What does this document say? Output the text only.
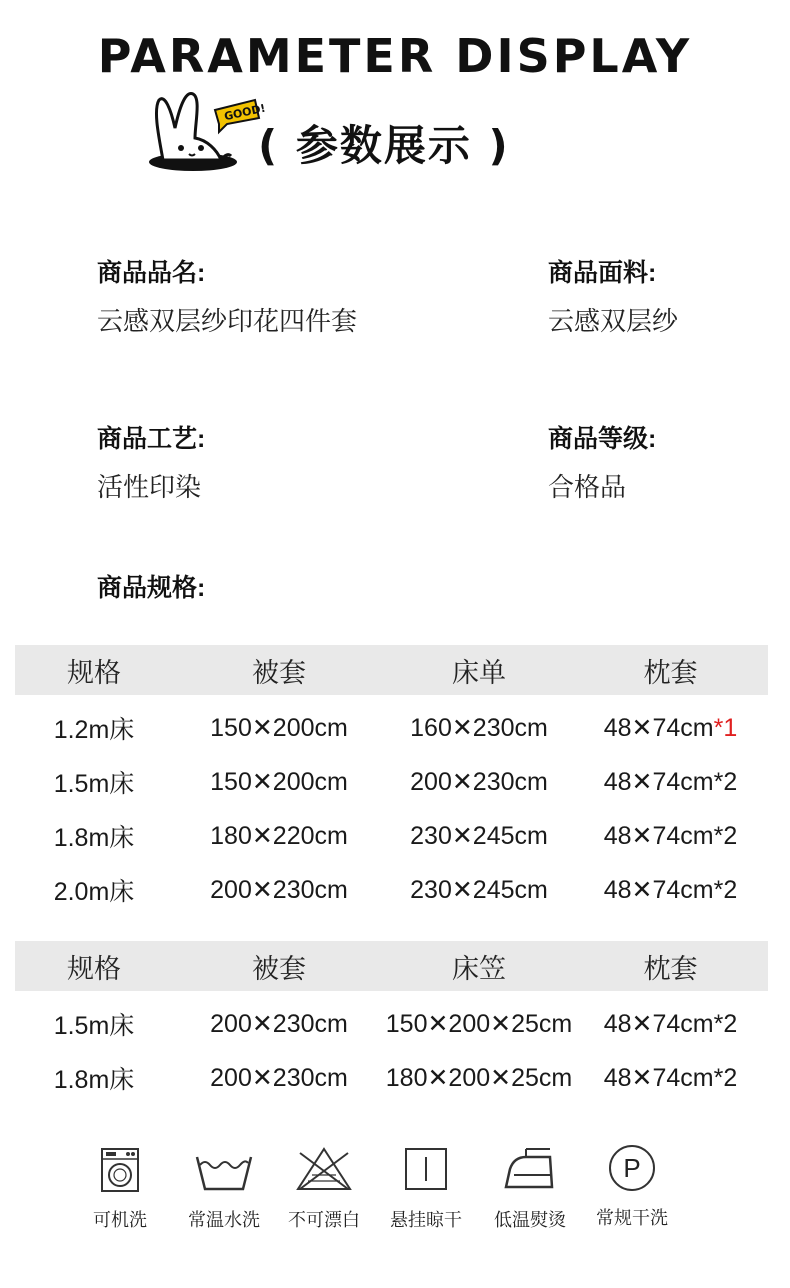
PARAMETER DISPLAY
GOOD!
( 参数展示 )
商品品名:
云感双层纱印花四件套
商品面料:
云感双层纱
商品工艺:
活性印染
商品等级:
合格品
商品规格:
规格	被套	床单	枕套
1.2m床	150✕200cm	160✕230cm	48✕74cm*1
1.5m床	150✕200cm	200✕230cm	48✕74cm*2
1.8m床	180✕220cm	230✕245cm	48✕74cm*2
2.0m床	200✕230cm	230✕245cm	48✕74cm*2
规格	被套	床笠	枕套
1.5m床	200✕230cm	150✕200✕25cm	48✕74cm*2
1.8m床	200✕230cm	180✕200✕25cm	48✕74cm*2
可机洗	常温水洗	不可漂白	悬挂晾干	低温熨烫
P
常规干洗
